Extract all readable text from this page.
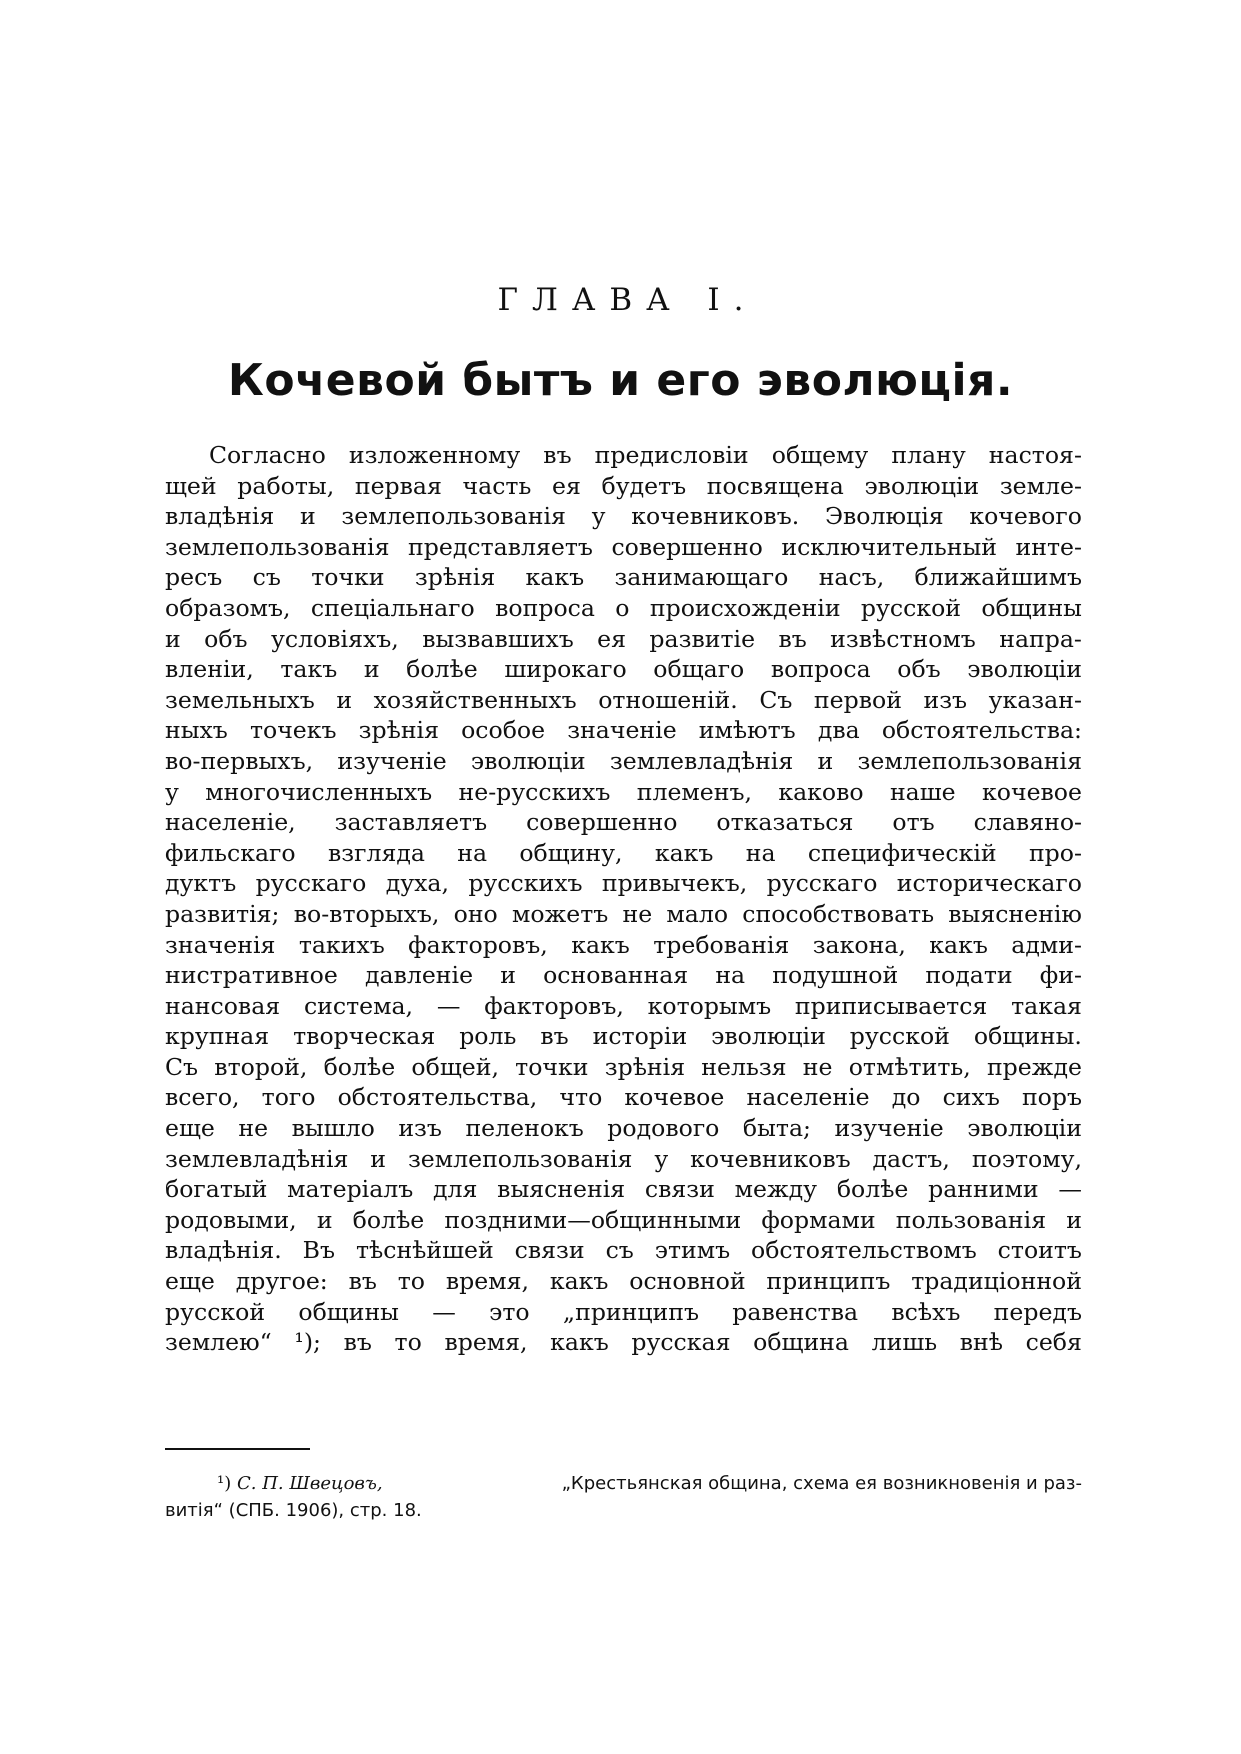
ГЛАВА I.
Кочевой бытъ и его эволюція.
Согласно изложенному въ предисловіи общему плану настоя-
щей работы, первая часть ея будетъ посвящена эволюціи земле-
владѣнія и землепользованія у кочевниковъ. Эволюція кочевого
землепользованія представляетъ совершенно исключительный инте-
ресъ съ точки зрѣнія какъ занимающаго насъ, ближайшимъ
образомъ, спеціальнаго вопроса о происхожденіи русской общины
и объ условіяхъ, вызвавшихъ ея развитіе въ извѣстномъ напра-
вленіи, такъ и болѣе широкаго общаго вопроса объ эволюціи
земельныхъ и хозяйственныхъ отношеній. Съ первой изъ указан-
ныхъ точекъ зрѣнія особое значеніе имѣютъ два обстоятельства:
во-первыхъ, изученіе эволюціи землевладѣнія и землепользованія
у многочисленныхъ не-русскихъ племенъ, каково наше кочевое
населеніе, заставляетъ совершенно отказаться отъ славяно-
фильскаго взгляда на общину, какъ на специфическій про-
дуктъ русскаго духа, русскихъ привычекъ, русскаго историческаго
развитія; во-вторыхъ, оно можетъ не мало способствовать выясненію
значенія такихъ факторовъ, какъ требованія закона, какъ адми-
нистративное давленіе и основанная на подушной подати фи-
нансовая система, — факторовъ, которымъ приписывается такая
крупная творческая роль въ исторіи эволюціи русской общины.
Съ второй, болѣе общей, точки зрѣнія нельзя не отмѣтить, прежде
всего, того обстоятельства, что кочевое населеніе до сихъ поръ
еще не вышло изъ пеленокъ родового быта; изученіе эволюціи
землевладѣнія и землепользованія у кочевниковъ дастъ, поэтому,
богатый матеріалъ для выясненія связи между болѣе ранними —
родовыми, и болѣе поздними—общинными формами пользованія и
владѣнія. Въ тѣснѣйшей связи съ этимъ обстоятельствомъ стоитъ
еще другое: въ то время, какъ основной принципъ традиціонной
русской общины — это „принципъ равенства всѣхъ передъ
землею“ ¹); въ то время, какъ русская община лишь внѣ себя
¹) С. П. Швецовъ,	„Крестьянская община, схема ея возникновенія и раз-
витія“ (СПБ. 1906), стр. 18.
